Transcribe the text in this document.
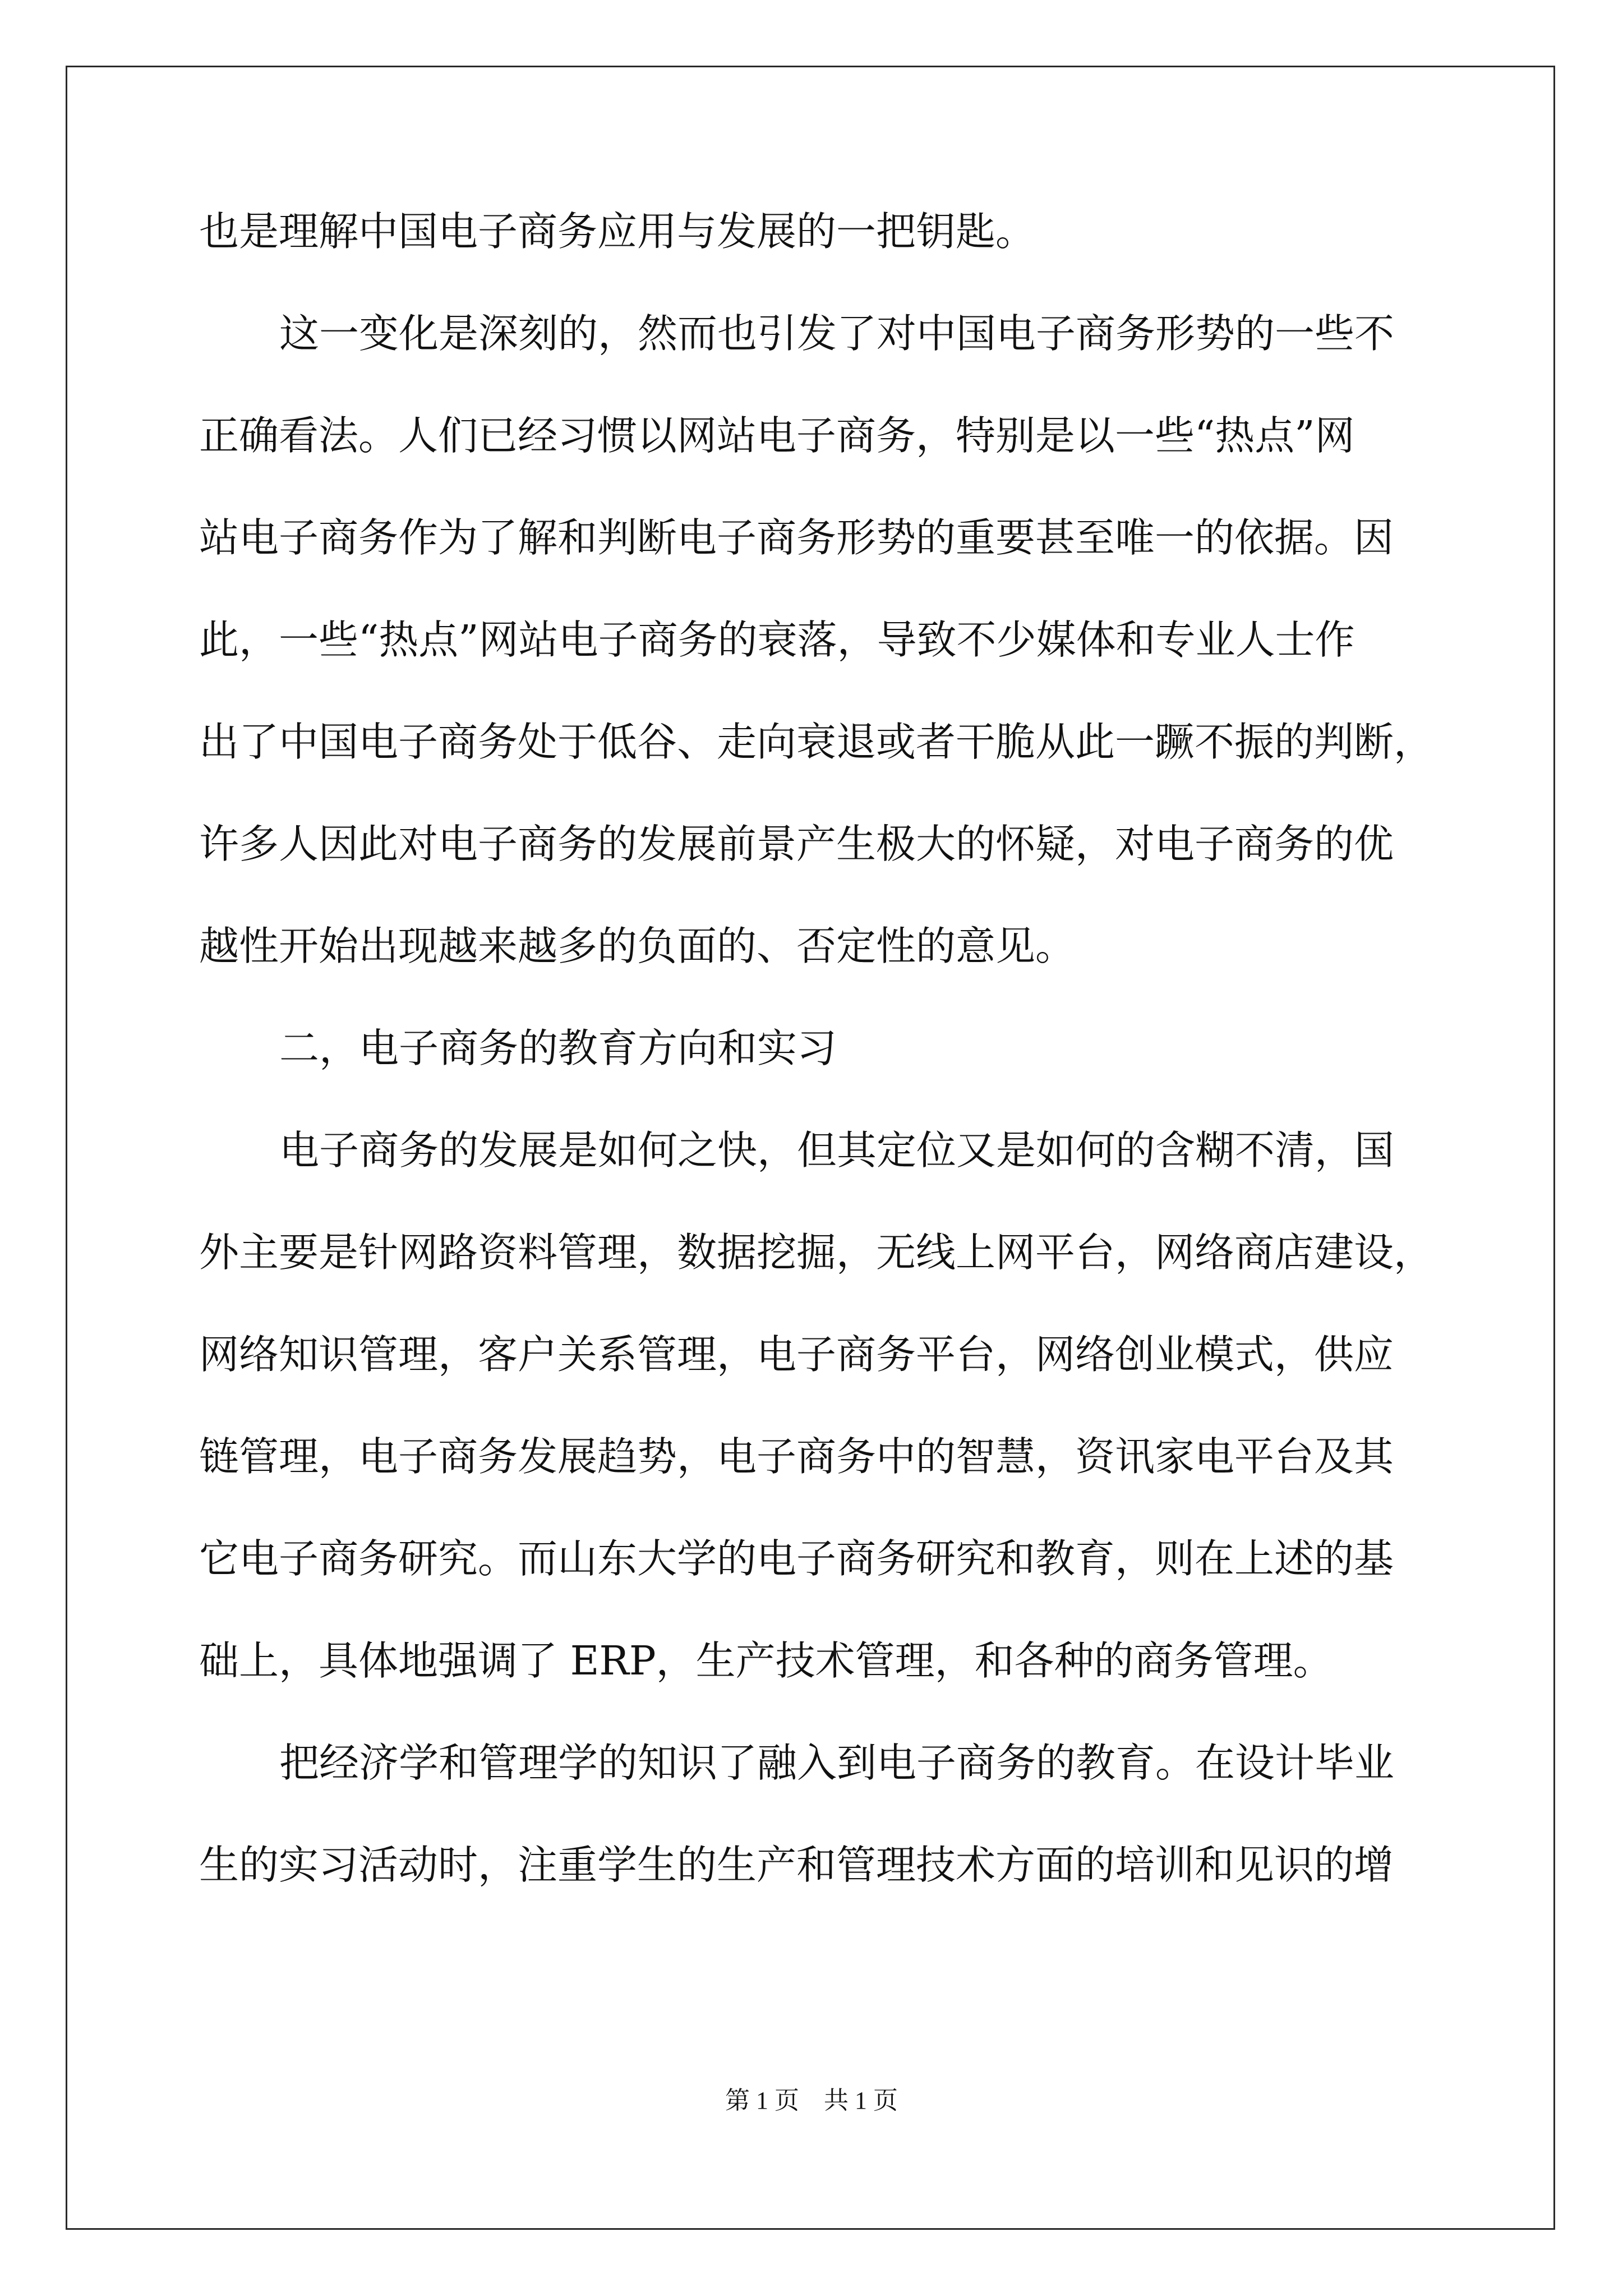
也是理解中国电子商务应用与发展的一把钥匙。
这一变化是深刻的，然而也引发了对中国电子商务形势的一些不
正确看法。人们已经习惯以网站电子商务，特别是以一些“热点”网
站电子商务作为了解和判断电子商务形势的重要甚至唯一的依据。因
此，一些“热点”网站电子商务的衰落，导致不少媒体和专业人士作
出了中国电子商务处于低谷、走向衰退或者干脆从此一蹶不振的判断，
许多人因此对电子商务的发展前景产生极大的怀疑，对电子商务的优
越性开始出现越来越多的负面的、否定性的意见。
二，电子商务的教育方向和实习
电子商务的发展是如何之快，但其定位又是如何的含糊不清，国
外主要是针网路资料管理，数据挖掘，无线上网平台，网络商店建设，
网络知识管理，客户关系管理，电子商务平台，网络创业模式，供应
链管理，电子商务发展趋势，电子商务中的智慧，资讯家电平台及其
它电子商务研究。而山东大学的电子商务研究和教育，则在上述的基
础上，具体地强调了 ERP，生产技术管理，和各种的商务管理。
把经济学和管理学的知识了融入到电子商务的教育。在设计毕业
生的实习活动时，注重学生的生产和管理技术方面的培训和见识的增
第 1 页　共 1 页
